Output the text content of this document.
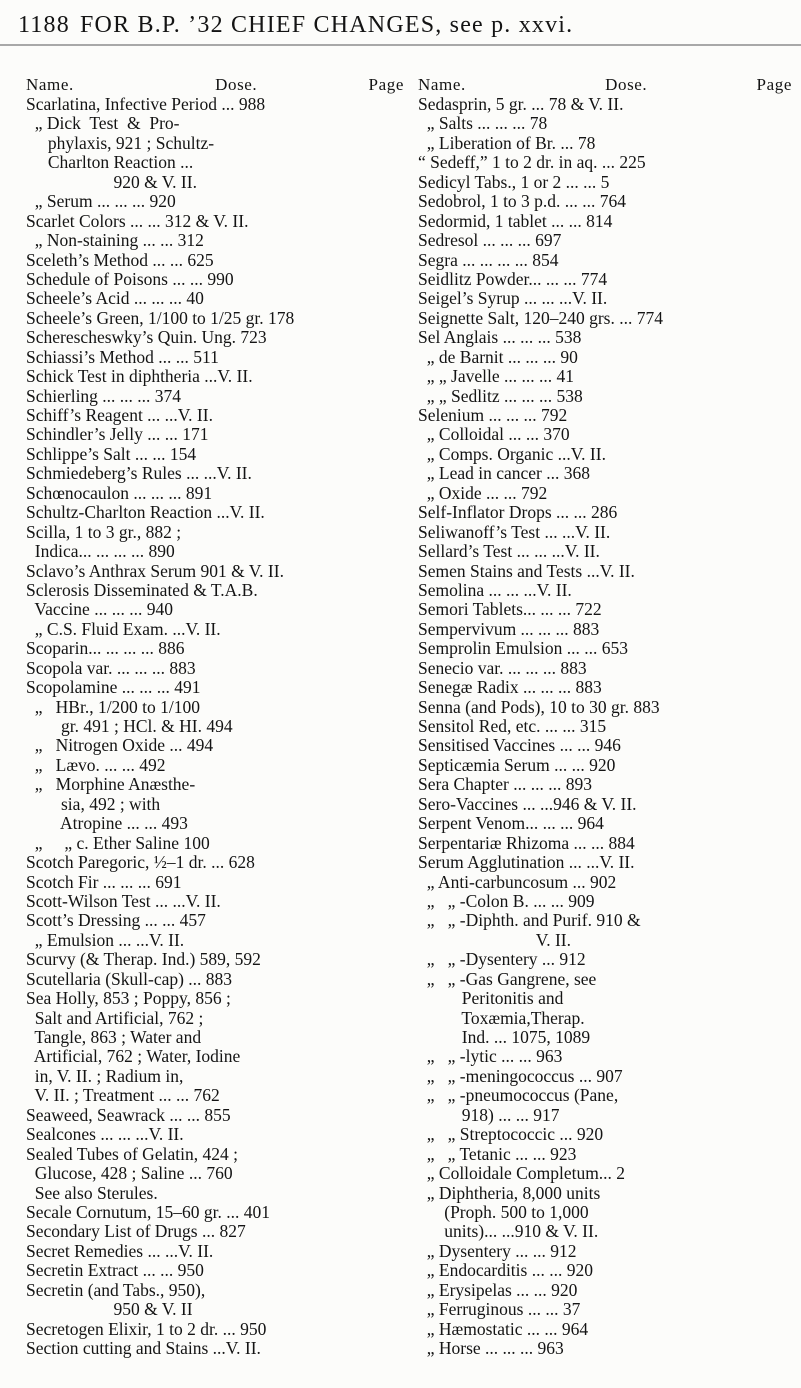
1188 FOR B.P. ’32 CHIEF CHANGES, see p. xxvi.
Name.	Dose.	Page
Scarlatina, Infective Period ... 988
„ Dick  Test  &  Pro-
phylaxis, 921 ; Schultz-
Charlton Reaction ...
920 & V. II.
„ Serum ... ... ... 920
Scarlet Colors ... ... 312 & V. II.
„ Non-staining ... ... 312
Sceleth’s Method ... ... 625
Schedule of Poisons ... ... 990
Scheele’s Acid ... ... ... 40
Scheele’s Green, 1/100 to 1/25 gr. 178
Scherescheswky’s Quin. Ung. 723
Schiassi’s Method ... ... 511
Schick Test in diphtheria ...V. II.
Schierling ... ... ... 374
Schiff’s Reagent ... ...V. II.
Schindler’s Jelly ... ... 171
Schlippe’s Salt ... ... 154
Schmiedeberg’s Rules ... ...V. II.
Schœnocaulon ... ... ... 891
Schultz-Charlton Reaction ...V. II.
Scilla, 1 to 3 gr., 882 ;
Indica... ... ... ... 890
Sclavo’s Anthrax Serum 901 & V. II.
Sclerosis Disseminated & T.A.B.
Vaccine ... ... ... 940
„ C.S. Fluid Exam. ...V. II.
Scoparin... ... ... ... 886
Scopola var. ... ... ... 883
Scopolamine ... ... ... 491
„   HBr., 1/200 to 1/100
gr. 491 ; HCl. & HI. 494
„   Nitrogen Oxide ... 494
„   Lævo. ... ... 492
„   Morphine Anæsthe-
sia, 492 ; with
Atropine ... ... 493
„     „ c. Ether Saline 100
Scotch Paregoric, ½–1 dr. ... 628
Scotch Fir ... ... ... 691
Scott-Wilson Test ... ...V. II.
Scott’s Dressing ... ... 457
„ Emulsion ... ...V. II.
Scurvy (& Therap. Ind.) 589, 592
Scutellaria (Skull-cap) ... 883
Sea Holly, 853 ; Poppy, 856 ;
Salt and Artificial, 762 ;
Tangle, 863 ; Water and
Artificial, 762 ; Water, Iodine
in, V. II. ; Radium in,
V. II. ; Treatment ... ... 762
Seaweed, Seawrack ... ... 855
Sealcones ... ... ...V. II.
Sealed Tubes of Gelatin, 424 ;
Glucose, 428 ; Saline ... 760
See also Sterules.
Secale Cornutum, 15–60 gr. ... 401
Secondary List of Drugs ... 827
Secret Remedies ... ...V. II.
Secretin Extract ... ... 950
Secretin (and Tabs., 950),
950 & V. II
Secretogen Elixir, 1 to 2 dr. ... 950
Section cutting and Stains ...V. II.
Name.	Dose.	Page
Sedasprin, 5 gr. ... 78 & V. II.
„ Salts ... ... ... 78
„ Liberation of Br. ... 78
“ Sedeff,” 1 to 2 dr. in aq. ... 225
Sedicyl Tabs., 1 or 2 ... ... 5
Sedobrol, 1 to 3 p.d. ... ... 764
Sedormid, 1 tablet ... ... 814
Sedresol ... ... ... 697
Segra ... ... ... ... 854
Seidlitz Powder... ... ... 774
Seigel’s Syrup ... ... ...V. II.
Seignette Salt, 120–240 grs. ... 774
Sel Anglais ... ... ... 538
„ de Barnit ... ... ... 90
„ „ Javelle ... ... ... 41
„ „ Sedlitz ... ... ... 538
Selenium ... ... ... 792
„ Colloidal ... ... 370
„ Comps. Organic ...V. II.
„ Lead in cancer ... 368
„ Oxide ... ... 792
Self-Inflator Drops ... ... 286
Seliwanoff’s Test ... ...V. II.
Sellard’s Test ... ... ...V. II.
Semen Stains and Tests ...V. II.
Semolina ... ... ...V. II.
Semori Tablets... ... ... 722
Sempervivum ... ... ... 883
Semprolin Emulsion ... ... 653
Senecio var. ... ... ... 883
Senegæ Radix ... ... ... 883
Senna (and Pods), 10 to 30 gr. 883
Sensitol Red, etc. ... ... 315
Sensitised Vaccines ... ... 946
Septicæmia Serum ... ... 920
Sera Chapter ... ... ... 893
Sero-Vaccines ... ...946 & V. II.
Serpent Venom... ... ... 964
Serpentariæ Rhizoma ... ... 884
Serum Agglutination ... ...V. II.
„ Anti-carbuncosum ... 902
„   „ -Colon B. ... ... 909
„   „ -Diphth. and Purif. 910 &
V. II.
„   „ -Dysentery ... 912
„   „ -Gas Gangrene, see
Peritonitis and
Toxæmia,Therap.
Ind. ... 1075, 1089
„   „ -lytic ... ... 963
„   „ -meningococcus ... 907
„   „ -pneumococcus (Pane,
918) ... ... 917
„   „ Streptococcic ... 920
„   „ Tetanic ... ... 923
„ Colloidale Completum... 2
„ Diphtheria, 8,000 units
(Proph. 500 to 1,000
units)... ...910 & V. II.
„ Dysentery ... ... 912
„ Endocarditis ... ... 920
„ Erysipelas ... ... 920
„ Ferruginous ... ... 37
„ Hæmostatic ... ... 964
„ Horse ... ... ... 963
